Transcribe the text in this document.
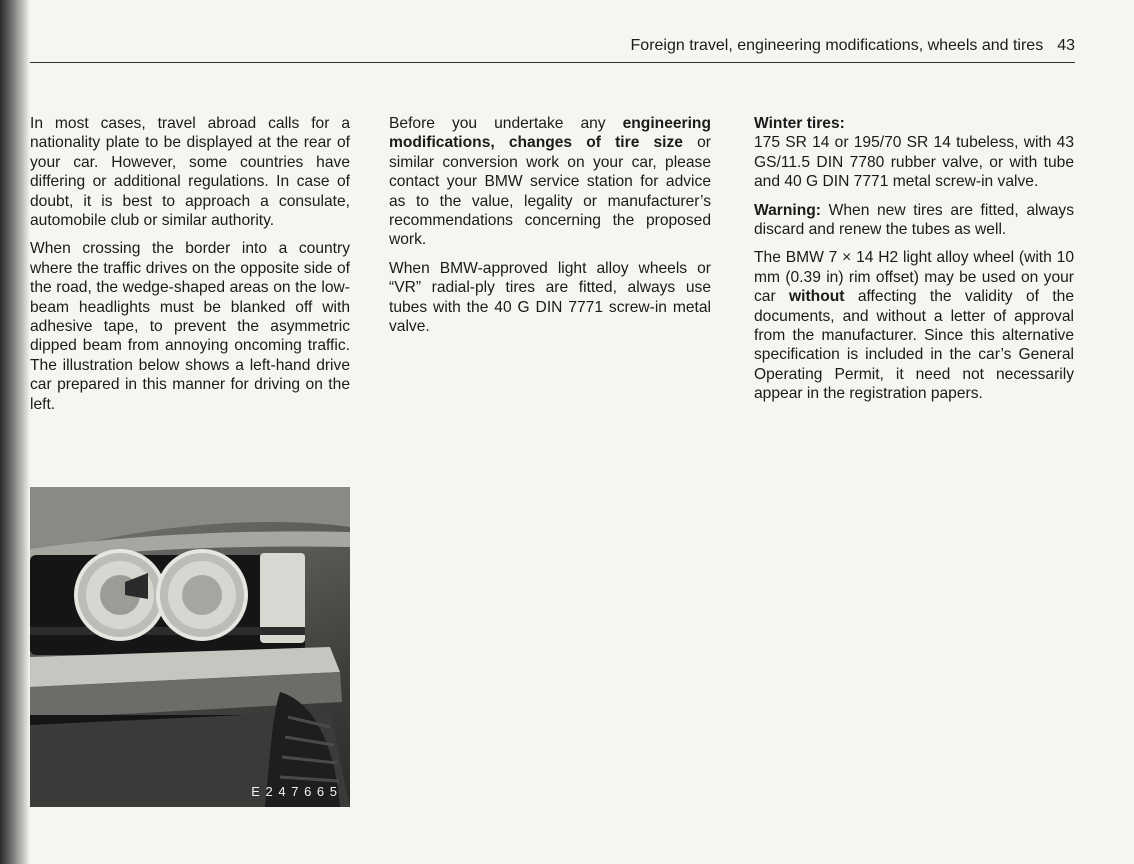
Foreign travel, engineering modifications, wheels and tires 43

In most cases, travel abroad calls for a nationality plate to be displayed at the rear of your car. However, some countries have differing or additional regulations. In case of doubt, it is best to approach a consulate, automobile club or similar authority.

When crossing the border into a country where the traffic drives on the opposite side of the road, the wedge-shaped areas on the low-beam headlights must be blanked off with adhesive tape, to prevent the asymmetric dipped beam from annoying oncoming traffic. The illustration below shows a left-hand drive car prepared in this manner for driving on the left.

Before you undertake any engineering modifications, changes of tire size or similar conversion work on your car, please contact your BMW service station for advice as to the value, legality or manufacturer’s recommendations concerning the proposed work.

When BMW-approved light alloy wheels or “VR” radial-ply tires are fitted, always use tubes with the 40 G DIN 7771 screw-in metal valve.

Winter tires:

175 SR 14 or 195/70 SR 14 tubeless, with 43 GS/11.5 DIN 7780 rubber valve, or with tube and 40 G DIN 7771 metal screw-in valve.

Warning: When new tires are fitted, always discard and renew the tubes as well.

The BMW 7 × 14 H2 light alloy wheel (with 10 mm (0.39 in) rim offset) may be used on your car without affecting the validity of the documents, and without a letter of approval from the manufacturer. Since this alternative specification is included in the car’s General Operating Permit, it need not necessarily appear in the registration papers.

E 2 4 7 6 6 5
